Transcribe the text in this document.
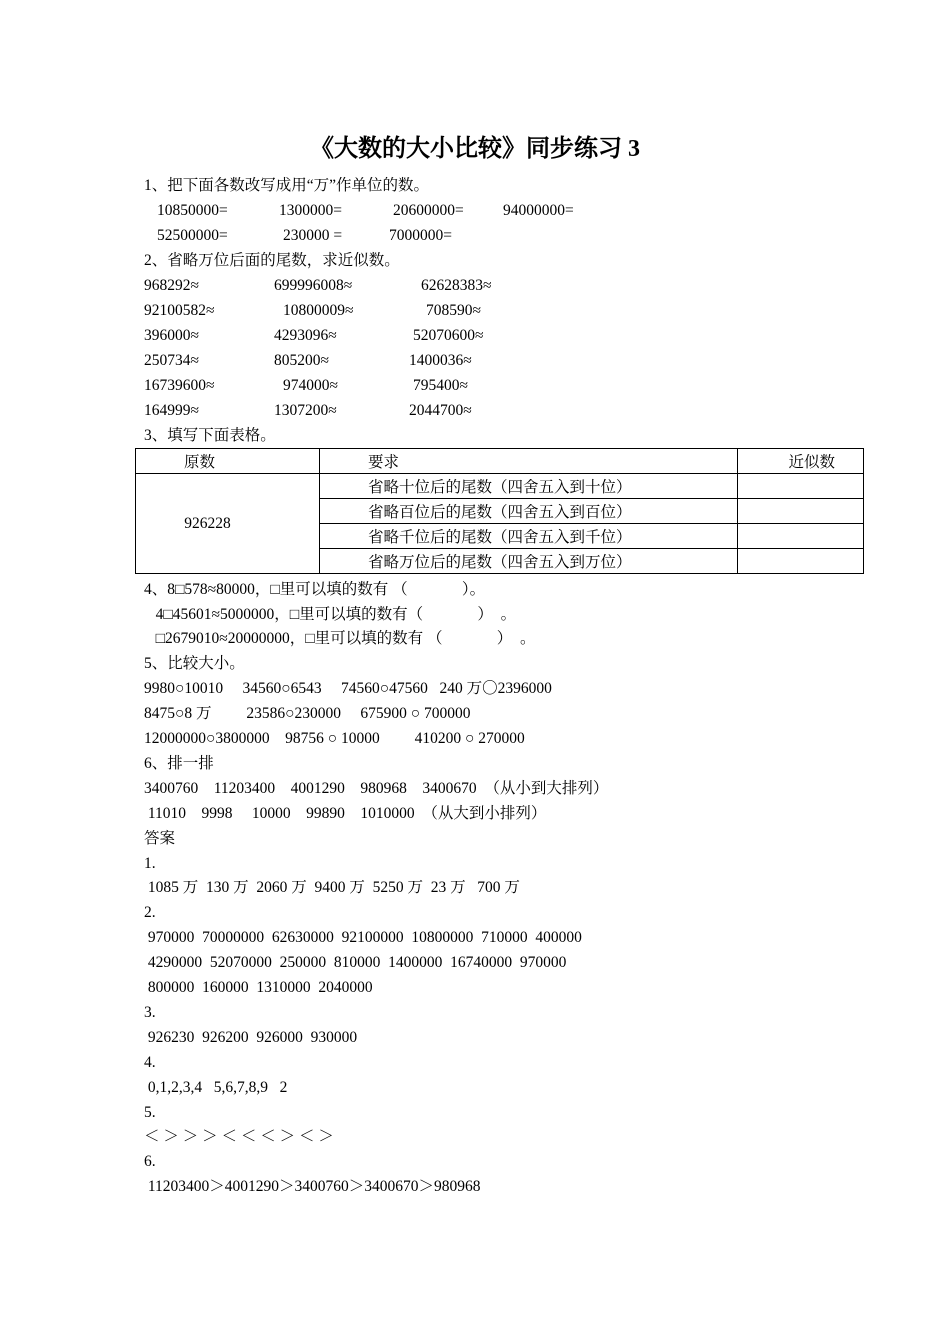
《大数的大小比较》同步练习 3
1、把下面各数改写成用“万”作单位的数。
10850000=	1300000=	20600000=	94000000=
52500000=	230000 =	7000000=
2、省略万位后面的尾数，求近似数。
968292≈	699996008≈	62628383≈
92100582≈	10800009≈	708590≈
396000≈	4293096≈	52070600≈
250734≈	805200≈	1400036≈
16739600≈	974000≈	795400≈
164999≈	1307200≈	2044700≈
3、填写下面表格。
原数	要求	近似数
926228	省略十位后的尾数（四舍五入到十位）	
	省略百位后的尾数（四舍五入到百位）	
	省略千位后的尾数（四舍五入到千位）	
	省略万位后的尾数（四舍五入到万位）	
4、8□578≈80000，□里可以填的数有 （              ）。
4□45601≈5000000，□里可以填的数有（              ）  。
□2679010≈20000000，□里可以填的数有 （              ）  。
5、比较大小。
9980○10010     34560○6543     74560○47560   240 万〇2396000
8475○8 万         23586○230000     675900 ○ 700000
12000000○3800000    98756 ○ 10000         410200 ○ 270000
6、排一排
3400760    11203400    4001290    980968    3400670  （从小到大排列）
11010    9998     10000    99890    1010000  （从大到小排列）
答案
1.
1085 万  130 万  2060 万  9400 万  5250 万  23 万   700 万
2.
970000  70000000  62630000  92100000  10800000  710000  400000
4290000  52070000  250000  810000  1400000  16740000  970000
800000  160000  1310000  2040000
3.
926230  926200  926000  930000
4.
0,1,2,3,4   5,6,7,8,9   2
5.
＜ ＞ ＞ ＞ ＜ ＜ ＜ ＞ ＜ ＞
6.
11203400＞4001290＞3400760＞3400670＞980968
